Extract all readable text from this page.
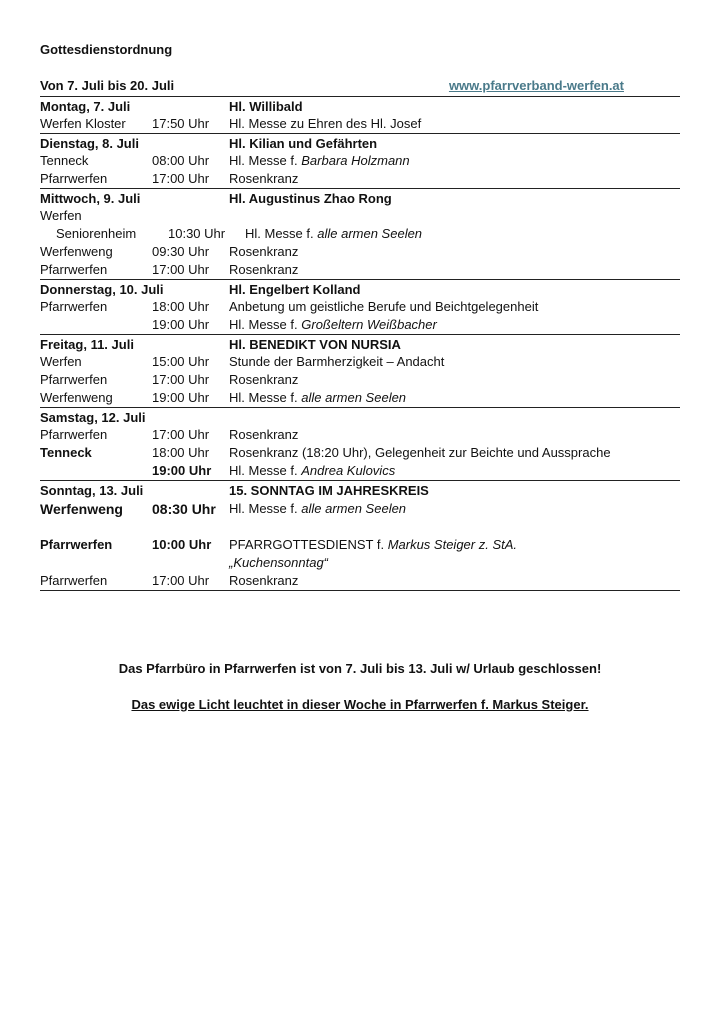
Gottesdienstordnung
Von 7. Juli bis 20. Juli	www.pfarrverband-werfen.at
Montag, 7. Juli	Hl. Willibald
Werfen Kloster	17:50 Uhr	Hl. Messe zu Ehren des Hl. Josef
Dienstag, 8. Juli	Hl. Kilian und Gefährten
Tenneck	08:00 Uhr	Hl. Messe f. Barbara Holzmann
Pfarrwerfen	17:00 Uhr	Rosenkranz
Mittwoch, 9. Juli	Hl. Augustinus Zhao Rong
Werfen
Seniorenheim	10:30 Uhr	Hl. Messe f. alle armen Seelen
Werfenweng	09:30 Uhr	Rosenkranz
Pfarrwerfen	17:00 Uhr	Rosenkranz
Donnerstag, 10. Juli	Hl. Engelbert Kolland
Pfarrwerfen	18:00 Uhr	Anbetung um geistliche Berufe und Beichtgelegenheit
19:00 Uhr	Hl. Messe f. Großeltern Weißbacher
Freitag, 11. Juli	Hl. BENEDIKT VON NURSIA
Werfen	15:00 Uhr	Stunde der Barmherzigkeit – Andacht
Pfarrwerfen	17:00 Uhr	Rosenkranz
Werfenweng	19:00 Uhr	Hl. Messe f. alle armen Seelen
Samstag, 12. Juli
Pfarrwerfen	17:00 Uhr	Rosenkranz
Tenneck	18:00 Uhr	Rosenkranz (18:20 Uhr), Gelegenheit zur Beichte und Aussprache
19:00 Uhr	Hl. Messe f. Andrea Kulovics
Sonntag, 13. Juli	15. SONNTAG IM JAHRESKREIS
Werfenweng	08:30 Uhr	Hl. Messe f. alle armen Seelen
Pfarrwerfen	10:00 Uhr	PFARRGOTTESDIENST f. Markus Steiger z. StA.
„Kuchensonntag“
Pfarrwerfen	17:00 Uhr	Rosenkranz
Das Pfarrbüro in Pfarrwerfen ist von 7. Juli bis 13. Juli w/ Urlaub geschlossen!
Das ewige Licht leuchtet in dieser Woche in Pfarrwerfen f. Markus Steiger.
